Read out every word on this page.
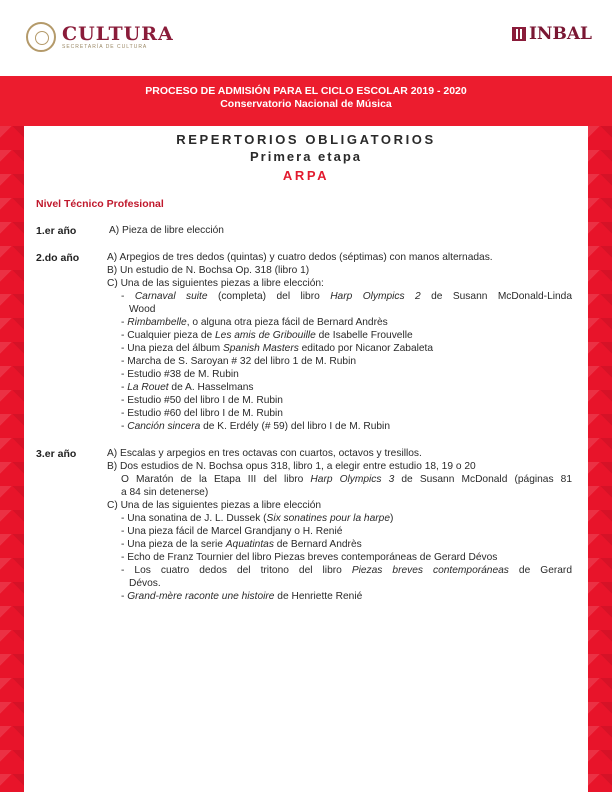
CULTURA
SECRETARÍA DE CULTURA
INBAL
PROCESO DE ADMISIÓN PARA EL CICLO ESCOLAR 2019 - 2020
Conservatorio Nacional de Música
REPERTORIOS OBLIGATORIOS
Primera etapa
ARPA
Nivel Técnico Profesional
1.er año	A) Pieza de libre elección
2.do año	A) Arpegios de tres dedos (quintas) y cuatro dedos (séptimas) con manos alternadas.
B) Un estudio de N. Bochsa Op. 318 (libro 1)
C) Una de las siguientes piezas a libre elección:
- Carnaval suite (completa) del libro Harp Olympics 2 de Susann McDonald-Linda
Wood
- Rimbambelle, o alguna otra pieza fácil de Bernard Andrès
- Cualquier pieza de Les amis de Gribouille de Isabelle Frouvelle
- Una pieza del álbum Spanish Masters editado por Nicanor Zabaleta
- Marcha de S. Saroyan # 32 del libro 1 de M. Rubin
- Estudio #38 de M. Rubin
- La Rouet de A. Hasselmans
- Estudio #50 del libro I de M. Rubin
- Estudio #60 del libro I de M. Rubin
- Canción sincera de K. Erdély (# 59) del libro I de M. Rubin
3.er año	A) Escalas y arpegios en tres octavas con cuartos, octavos y tresillos.
B) Dos estudios de N. Bochsa opus 318, libro 1, a elegir entre estudio 18, 19 o 20
O Maratón de la Etapa III del libro Harp Olympics 3 de Susann McDonald (páginas 81
a 84 sin detenerse)
C) Una de las siguientes piezas a libre elección
- Una sonatina de J. L. Dussek (Six sonatines pour la harpe)
- Una pieza fácil de Marcel Grandjany o H. Renié
- Una pieza de la serie Aquatintas de Bernard Andrès
- Echo de Franz Tournier del libro Piezas breves contemporáneas de Gerard Dévos
- Los cuatro dedos del tritono del libro Piezas breves contemporáneas de Gerard
Dévos.
- Grand-mère raconte une histoire de Henriette Renié
